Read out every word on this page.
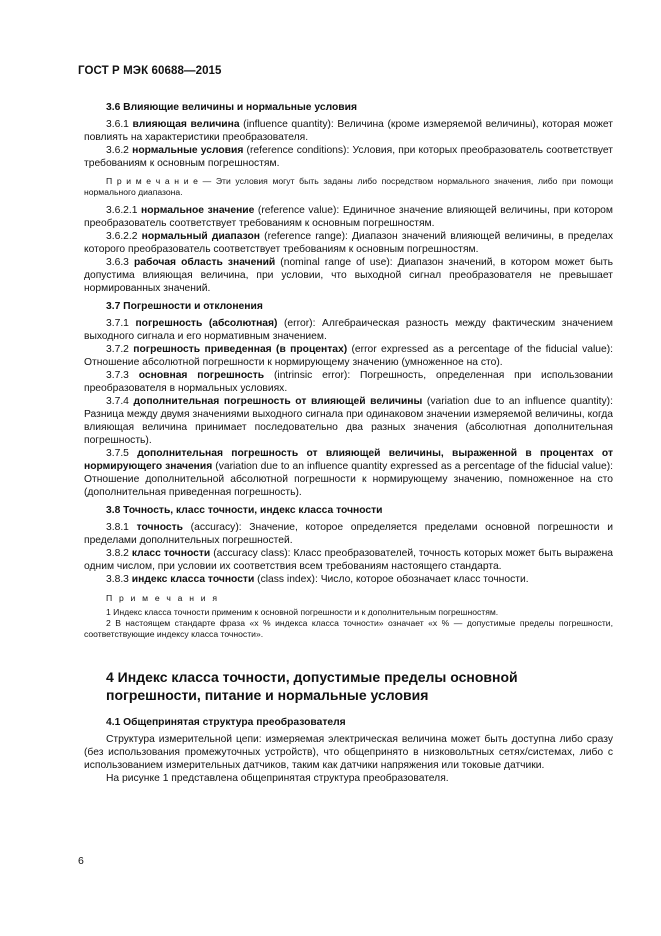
ГОСТ Р МЭК 60688—2015
3.6 Влияющие величины и нормальные условия

3.6.1 влияющая величина (influence quantity): Величина (кроме измеряемой величины), которая может повлиять на характеристики преобразователя.

3.6.2 нормальные условия (reference conditions): Условия, при которых преобразователь соответствует требованиям к основным погрешностям.

П р и м е ч а н и е — Эти условия могут быть заданы либо посредством нормального значения, либо при помощи нормального диапазона.

3.6.2.1 нормальное значение (reference value): Единичное значение влияющей величины, при котором преобразователь соответствует требованиям к основным погрешностям.

3.6.2.2 нормальный диапазон (reference range): Диапазон значений влияющей величины, в пределах которого преобразователь соответствует требованиям к основным погрешностям.

3.6.3 рабочая область значений (nominal range of use): Диапазон значений, в котором может быть допустима влияющая величина, при условии, что выходной сигнал преобразователя не превышает нормированных значений.

3.7 Погрешности и отклонения

3.7.1 погрешность (абсолютная) (error): Алгебраическая разность между фактическим значением выходного сигнала и его нормативным значением.

3.7.2 погрешность приведенная (в процентах) (error expressed as a percentage of the fiducial value): Отношение абсолютной погрешности к нормирующему значению (умноженное на сто).

3.7.3 основная погрешность (intrinsic error): Погрешность, определенная при использовании преобразователя в нормальных условиях.

3.7.4 дополнительная погрешность от влияющей величины (variation due to an influence quantity): Разница между двумя значениями выходного сигнала при одинаковом значении измеряемой величины, когда влияющая величина принимает последовательно два разных значения (абсолютная дополнительная погрешность).

3.7.5 дополнительная погрешность от влияющей величины, выраженной в процентах от нормирующего значения (variation due to an influence quantity expressed as a percentage of the fiducial value): Отношение дополнительной абсолютной погрешности к нормирующему значению, помноженное на сто (дополнительная приведенная погрешность).

3.8 Точность, класс точности, индекс класса точности

3.8.1 точность (accuracy): Значение, которое определяется пределами основной погрешности и пределами дополнительных погрешностей.

3.8.2 класс точности (accuracy class): Класс преобразователей, точность которых может быть выражена одним числом, при условии их соответствия всем требованиям настоящего стандарта.

3.8.3 индекс класса точности (class index): Число, которое обозначает класс точности.

П р и м е ч а н и я

1 Индекс класса точности применим к основной погрешности и к дополнительным погрешностям.

2 В настоящем стандарте фраза «x % индекса класса точности» означает «x % — допустимые пределы погрешности, соответствующие индексу класса точности».

4 Индекс класса точности, допустимые пределы основной погрешности, питание и нормальные условия
4.1 Общепринятая структура преобразователя

Структура измерительной цепи: измеряемая электрическая величина может быть доступна либо сразу (без использования промежуточных устройств), что общепринято в низковольтных сетях/системах, либо с использованием измерительных датчиков, таким как датчики напряжения или токовые датчики.

На рисунке 1 представлена общепринятая структура преобразователя.

6
